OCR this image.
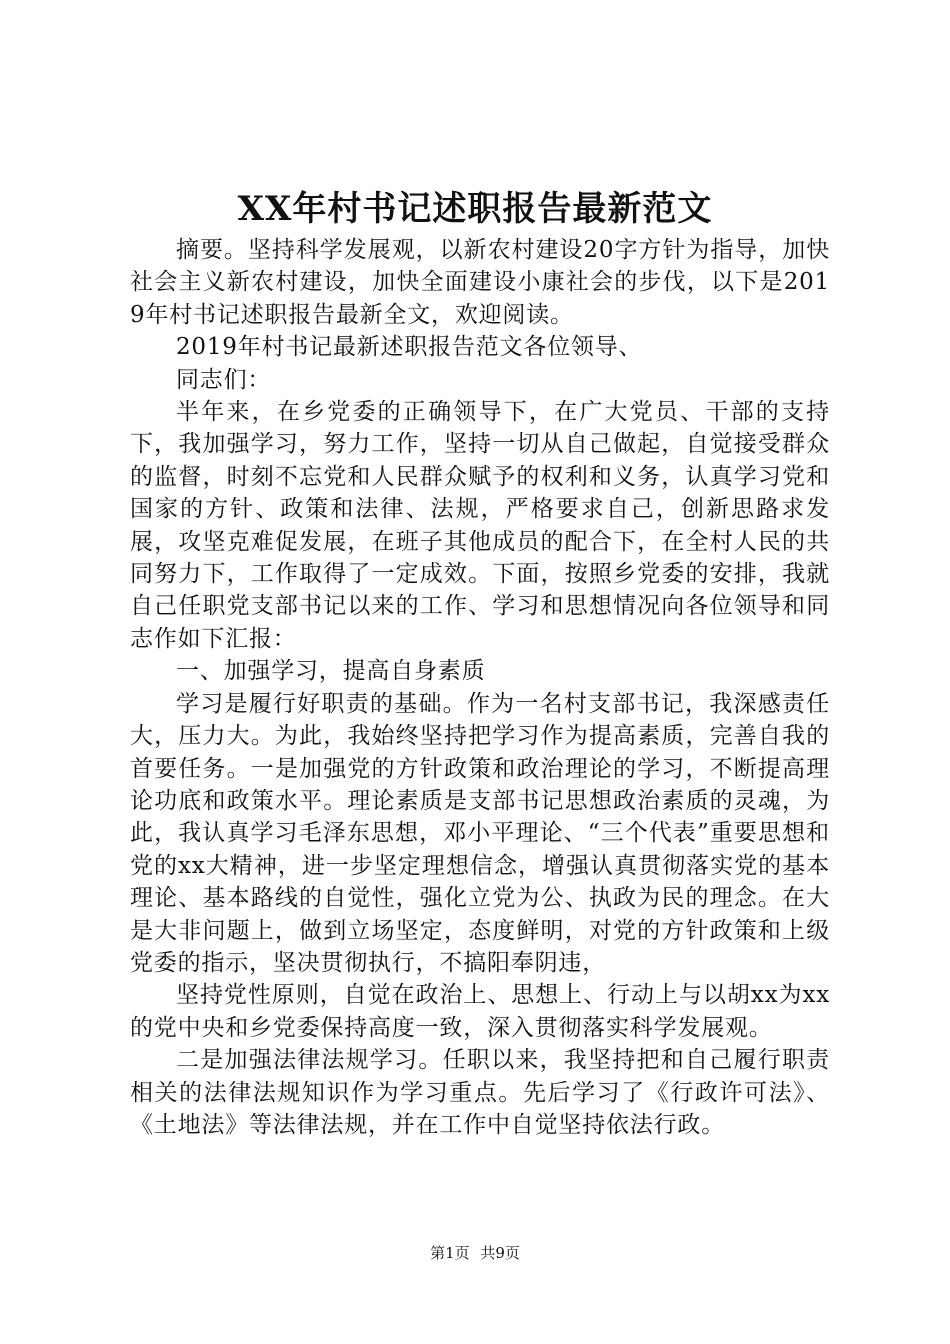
XX年村书记述职报告最新范文

摘要。坚持科学发展观，以新农村建设20字方针为指导，加快社会主义新农村建设，加快全面建设小康社会的步伐，以下是2019年村书记述职报告最新全文，欢迎阅读。

2019年村书记最新述职报告范文各位领导、

同志们：

半年来，在乡党委的正确领导下，在广大党员、干部的支持下，我加强学习，努力工作，坚持一切从自己做起，自觉接受群众的监督，时刻不忘党和人民群众赋予的权利和义务，认真学习党和国家的方针、政策和法律、法规，严格要求自己，创新思路求发展，攻坚克难促发展，在班子其他成员的配合下，在全村人民的共同努力下，工作取得了一定成效。下面，按照乡党委的安排，我就自己任职党支部书记以来的工作、学习和思想情况向各位领导和同志作如下汇报：

一、加强学习，提高自身素质

学习是履行好职责的基础。作为一名村支部书记，我深感责任大，压力大。为此，我始终坚持把学习作为提高素质，完善自我的首要任务。一是加强党的方针政策和政治理论的学习，不断提高理论功底和政策水平。理论素质是支部书记思想政治素质的灵魂，为此，我认真学习毛泽东思想，邓小平理论、“三个代表”重要思想和党的xx大精神，进一步坚定理想信念，增强认真贯彻落实党的基本理论、基本路线的自觉性，强化立党为公、执政为民的理念。在大是大非问题上，做到立场坚定，态度鲜明，对党的方针政策和上级党委的指示，坚决贯彻执行，不搞阳奉阴违，

坚持党性原则，自觉在政治上、思想上、行动上与以胡xx为xx的党中央和乡党委保持高度一致，深入贯彻落实科学发展观。

二是加强法律法规学习。任职以来，我坚持把和自己履行职责相关的法律法规知识作为学习重点。先后学习了《行政许可法》、《土地法》等法律法规，并在工作中自觉坚持依法行政。

第1页 共9页
